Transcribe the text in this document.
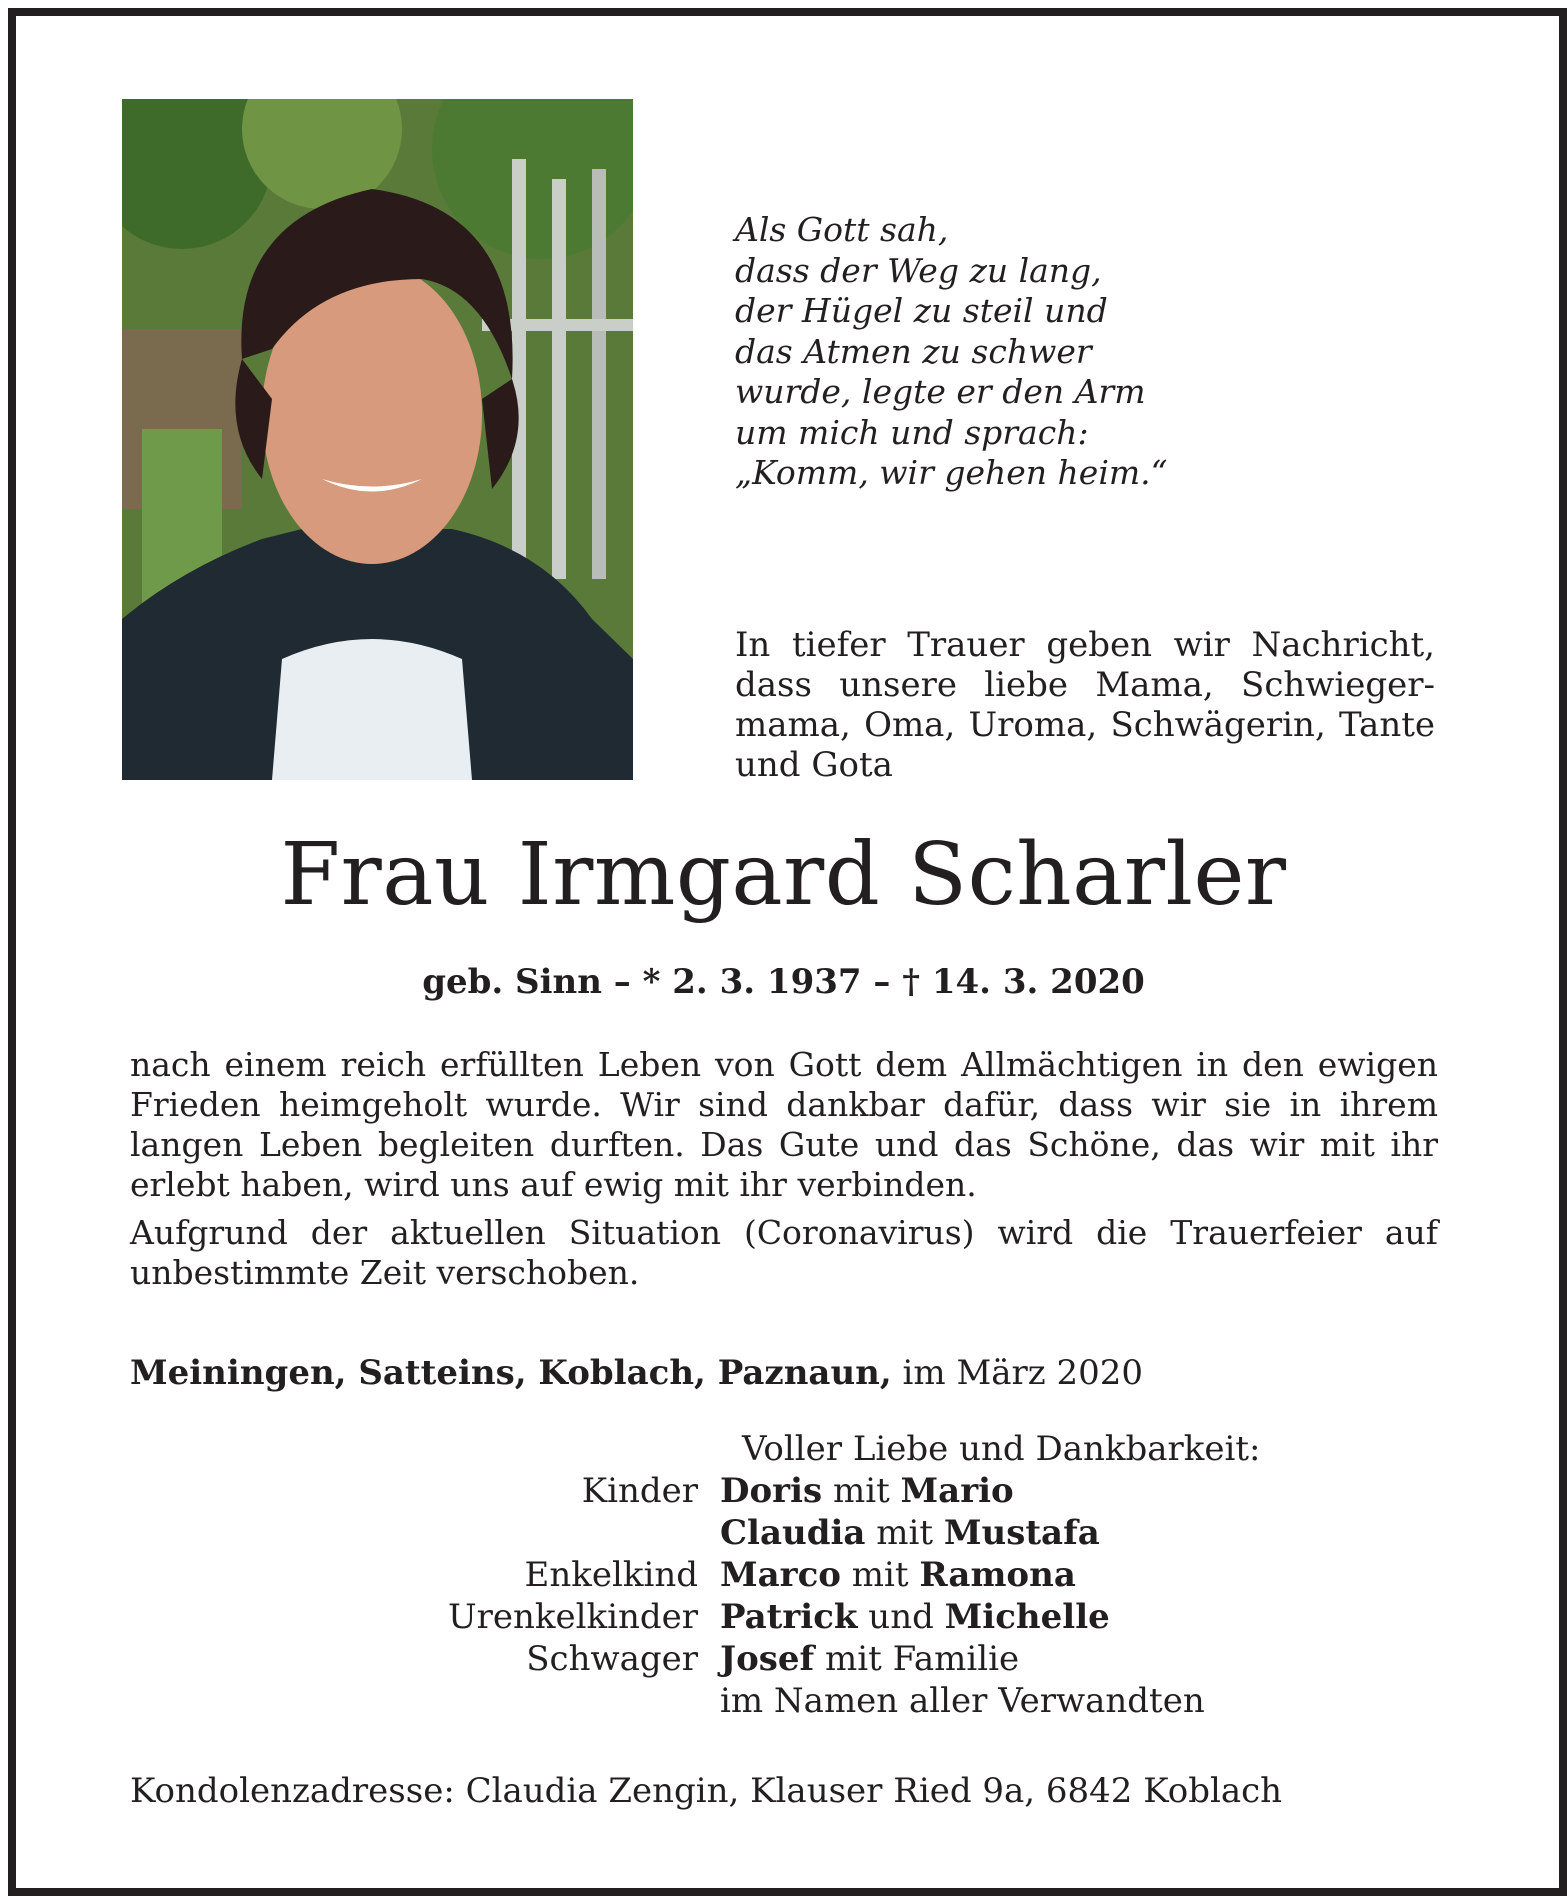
Als Gott sah,
dass der Weg zu lang,
der Hügel zu steil und
das Atmen zu schwer
wurde, legte er den Arm
um mich und sprach:
„Komm, wir gehen heim.“
In tiefer Trauer geben wir Nachricht, dass unsere liebe Mama, Schwieger-mama, Oma, Uroma, Schwägerin, Tante und Gota
Frau Irmgard Scharler
geb. Sinn – * 2. 3. 1937 – † 14. 3. 2020

nach einem reich erfüllten Leben von Gott dem Allmächtigen in den ewigen Frieden heimgeholt wurde. Wir sind dankbar dafür, dass wir sie in ihrem langen Leben begleiten durften. Das Gute und das Schöne, das wir mit ihr erlebt haben, wird uns auf ewig mit ihr verbinden.

Aufgrund der aktuellen Situation (Coronavirus) wird die Trauerfeier auf unbestimmte Zeit verschoben.

Meiningen, Satteins, Koblach, Paznaun, im März 2020
Voller Liebe und Dankbarkeit:
Kinder Doris mit Mario
Claudia mit Mustafa
Enkelkind Marco mit Ramona
Urenkelkinder Patrick und Michelle
Schwager Josef mit Familie
im Namen aller Verwandten
Kondolenzadresse: Claudia Zengin, Klauser Ried 9a, 6842 Koblach
